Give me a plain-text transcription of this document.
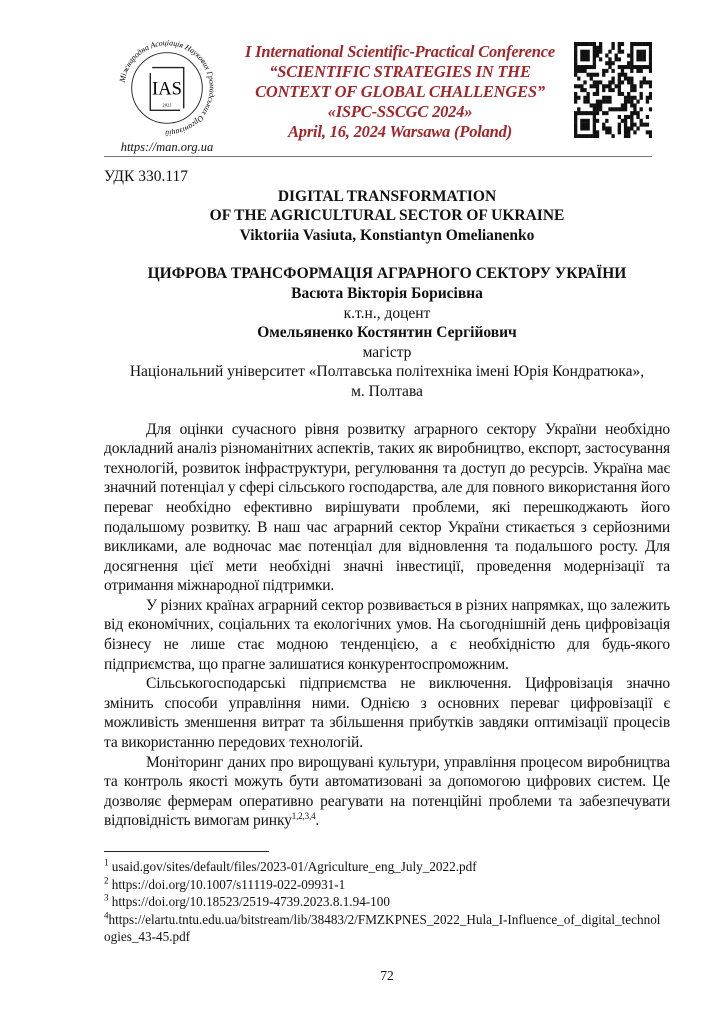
IAS
2021
Міжнародна Асоціація Наукових Громадських Організацій
https://man.org.ua
I International Scientific-Practical Conference
“SCIENTIFIC STRATEGIES IN THE
CONTEXT OF GLOBAL CHALLENGES”
«ISPC-SSCGC 2024»
April, 16, 2024 Warsawa (Poland)
УДК 330.117
DIGITAL TRANSFORMATION
OF THE AGRICULTURAL SECTOR OF UKRAINE
Viktoriia Vasiuta, Konstiantyn Omelianenko
ЦИФРОВА ТРАНСФОРМАЦІЯ АГРАРНОГО СЕКТОРУ УКРАЇНИ
Васюта Вікторія Борисівна
к.т.н., доцент
Омельяненко Костянтин Сергійович
магістр
Національний університет «Полтавська політехніка імені Юрія Кондратюка»,
м. Полтава

Для оцінки сучасного рівня розвитку аграрного сектору України необхідно докладний аналіз різноманітних аспектів, таких як виробництво, експорт, застосування технологій, розвиток інфраструктури, регулювання та доступ до ресурсів. Україна має значний потенціал у сфері сільського господарства, але для повного використання його переваг необхідно ефективно вирішувати проблеми, які перешкоджають його подальшому розвитку. В наш час аграрний сектор України стикається з серйозними викликами, але водночас має потенціал для відновлення та подальшого росту. Для досягнення цієї мети необхідні значні інвестиції, проведення модернізації та отримання міжнародної підтримки.

У різних країнах аграрний сектор розвивається в різних напрямках, що залежить від економічних, соціальних та екологічних умов. На сьогоднішній день цифровізація бізнесу не лише стає модною тенденцією, а є необхідністю для будь-якого підприємства, що прагне залишатися конкурентоспроможним.

Сільськогосподарські підприємства не виключення. Цифровізація значно змінить способи управління ними. Однією з основних переваг цифровізації є можливість зменшення витрат та збільшення прибутків завдяки оптимізації процесів та використанню передових технологій.

Моніторинг даних про вирощувані культури, управління процесом виробництва та контроль якості можуть бути автоматизовані за допомогою цифрових систем. Це дозволяє фермерам оперативно реагувати на потенційні проблеми та забезпечувати відповідність вимогам ринку$^{1,2,3,4}$.

$^1$ usaid.gov/sites/default/files/2023-01/Agriculture_eng_July_2022.pdf
$^2$ https://doi.org/10.1007/s11119-022-09931-1
$^3$ https://doi.org/10.18523/2519-4739.2023.8.1.94-100
$^4$https://elartu.tntu.edu.ua/bitstream/lib/38483/2/FMZKPNES_2022_Hula_I-Influence_of_digital_technologies_43-45.pdf
72
